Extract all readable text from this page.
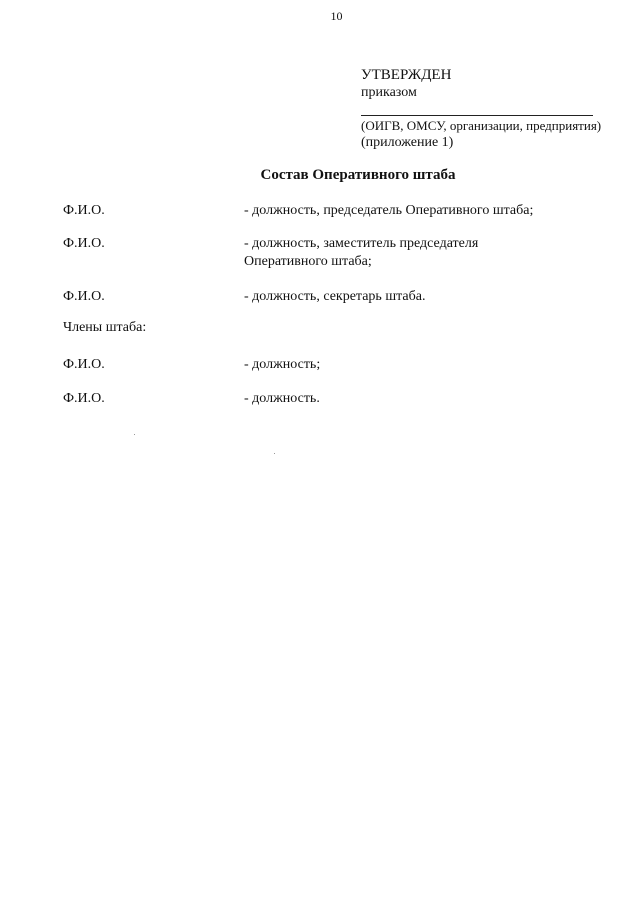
10
УТВЕРЖДЕН
приказом
(ОИГВ, ОМСУ, организации, предприятия)
(приложение 1)
Состав Оперативного штаба
Ф.И.О.	- должность, председатель Оперативного штаба;
Ф.И.О.	- должность, заместитель председателя
Оперативного штаба;
Ф.И.О.	- должность, секретарь штаба.
Члены штаба:
Ф.И.О.	- должность;
Ф.И.О.	- должность.
